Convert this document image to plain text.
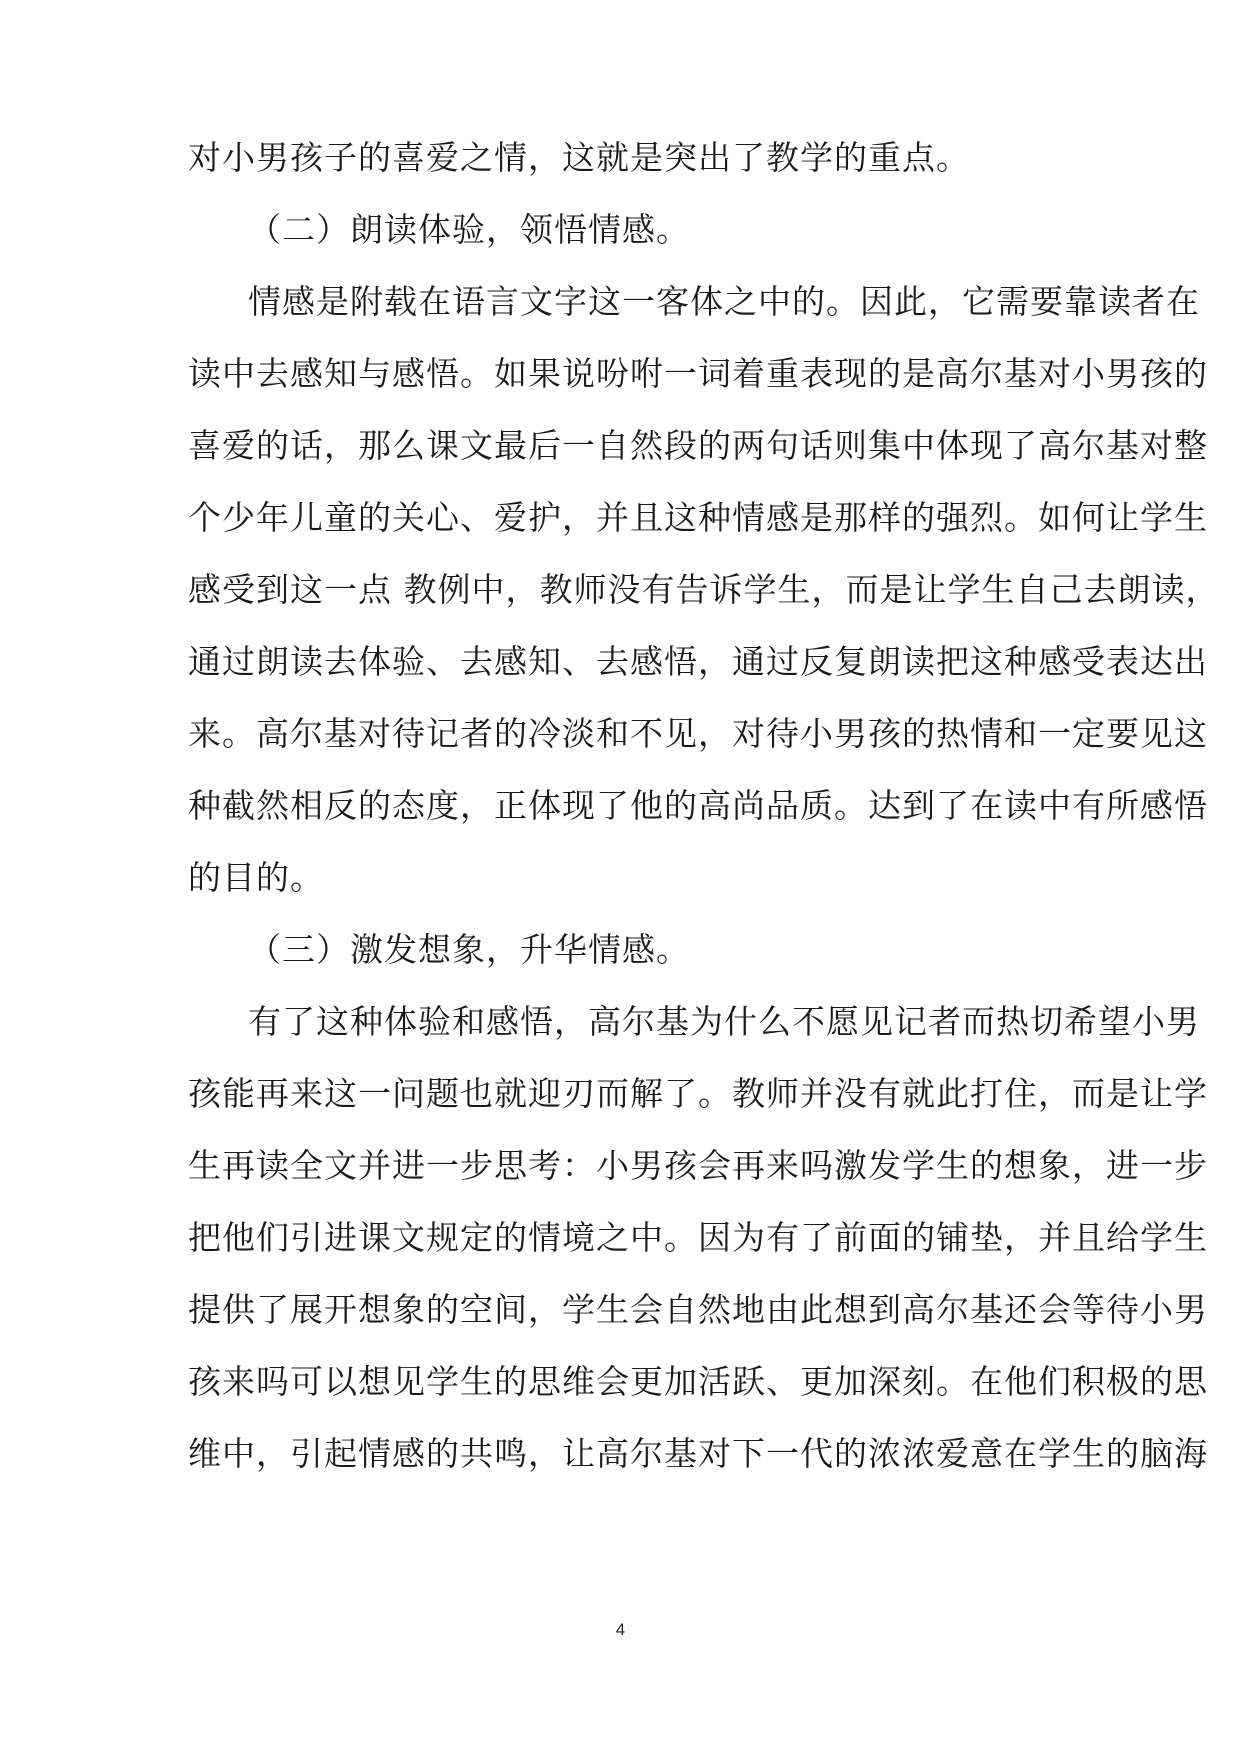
对小男孩子的喜爱之情，这就是突出了教学的重点。
（二）朗读体验，领悟情感。
情感是附载在语言文字这一客体之中的。因此，它需要靠读者在
读中去感知与感悟。如果说吩咐一词着重表现的是高尔基对小男孩的
喜爱的话，那么课文最后一自然段的两句话则集中体现了高尔基对整
个少年儿童的关心、爱护，并且这种情感是那样的强烈。如何让学生
感受到这一点 教例中，教师没有告诉学生，而是让学生自己去朗读，
通过朗读去体验、去感知、去感悟，通过反复朗读把这种感受表达出
来。高尔基对待记者的冷淡和不见，对待小男孩的热情和一定要见这
种截然相反的态度，正体现了他的高尚品质。达到了在读中有所感悟
的目的。
（三）激发想象，升华情感。
有了这种体验和感悟，高尔基为什么不愿见记者而热切希望小男
孩能再来这一问题也就迎刃而解了。教师并没有就此打住，而是让学
生再读全文并进一步思考：小男孩会再来吗激发学生的想象，进一步
把他们引进课文规定的情境之中。因为有了前面的铺垫，并且给学生
提供了展开想象的空间，学生会自然地由此想到高尔基还会等待小男
孩来吗可以想见学生的思维会更加活跃、更加深刻。在他们积极的思
维中，引起情感的共鸣，让高尔基对下一代的浓浓爱意在学生的脑海
4
